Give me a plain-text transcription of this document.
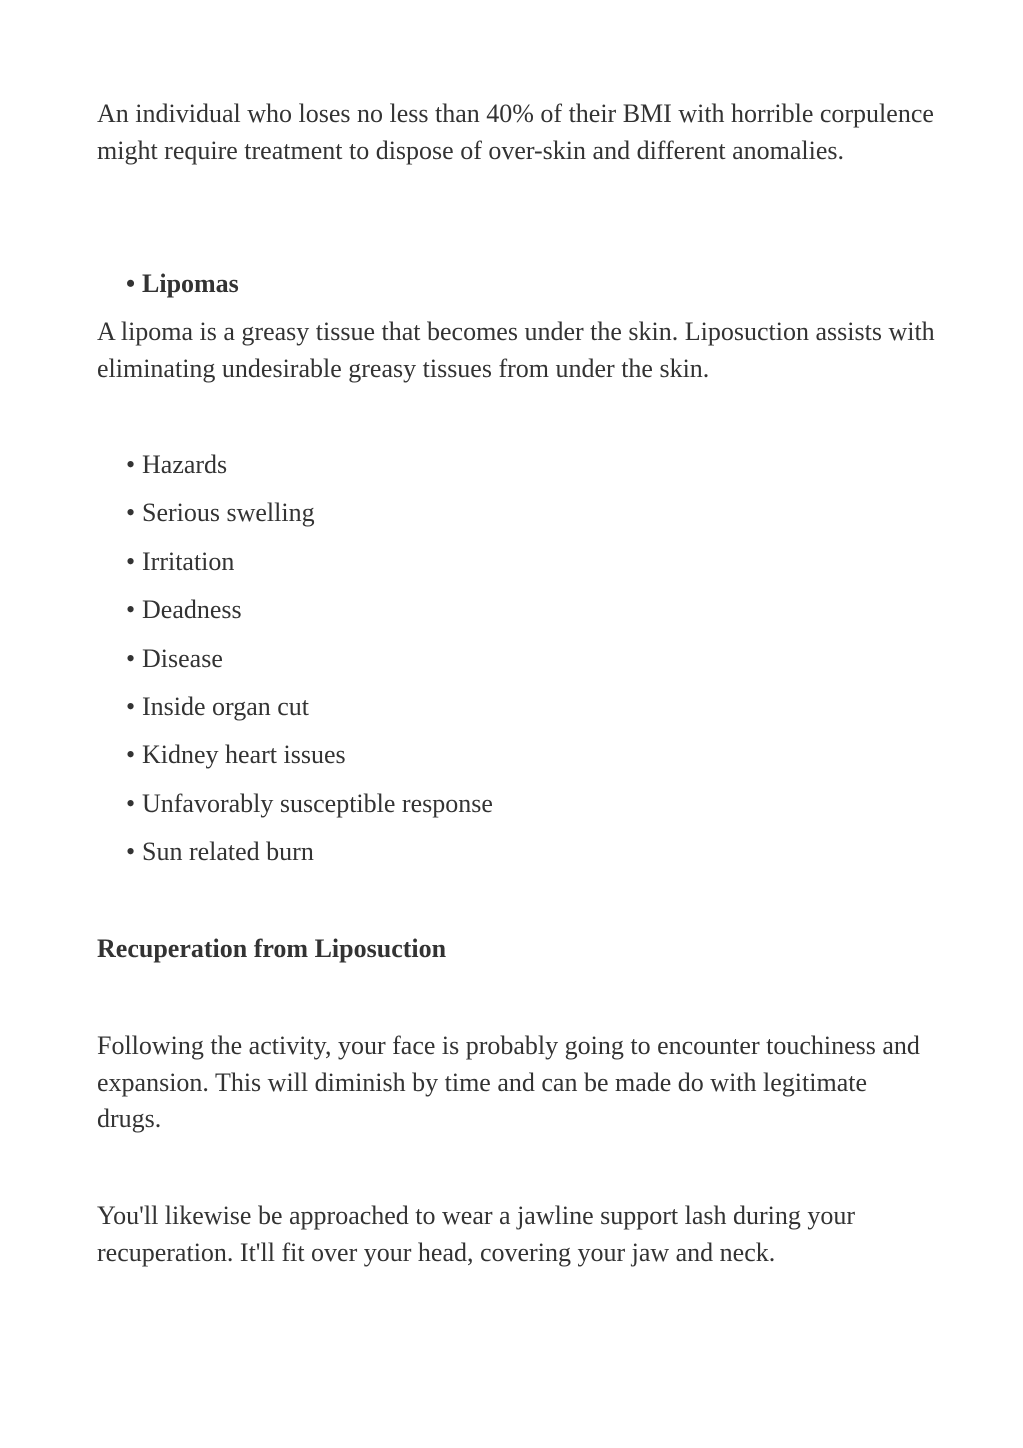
An individual who loses no less than 40% of their BMI with horrible corpulence might require treatment to dispose of over-skin and different anomalies.

• Lipomas

A lipoma is a greasy tissue that becomes under the skin. Liposuction assists with eliminating undesirable greasy tissues from under the skin.

• Hazards

• Serious swelling

• Irritation

• Deadness

• Disease

• Inside organ cut

• Kidney heart issues

• Unfavorably susceptible response

• Sun related burn

Recuperation from Liposuction

Following the activity, your face is probably going to encounter touchiness and expansion. This will diminish by time and can be made do with legitimate drugs.

You'll likewise be approached to wear a jawline support lash during your recuperation. It'll fit over your head, covering your jaw and neck.
